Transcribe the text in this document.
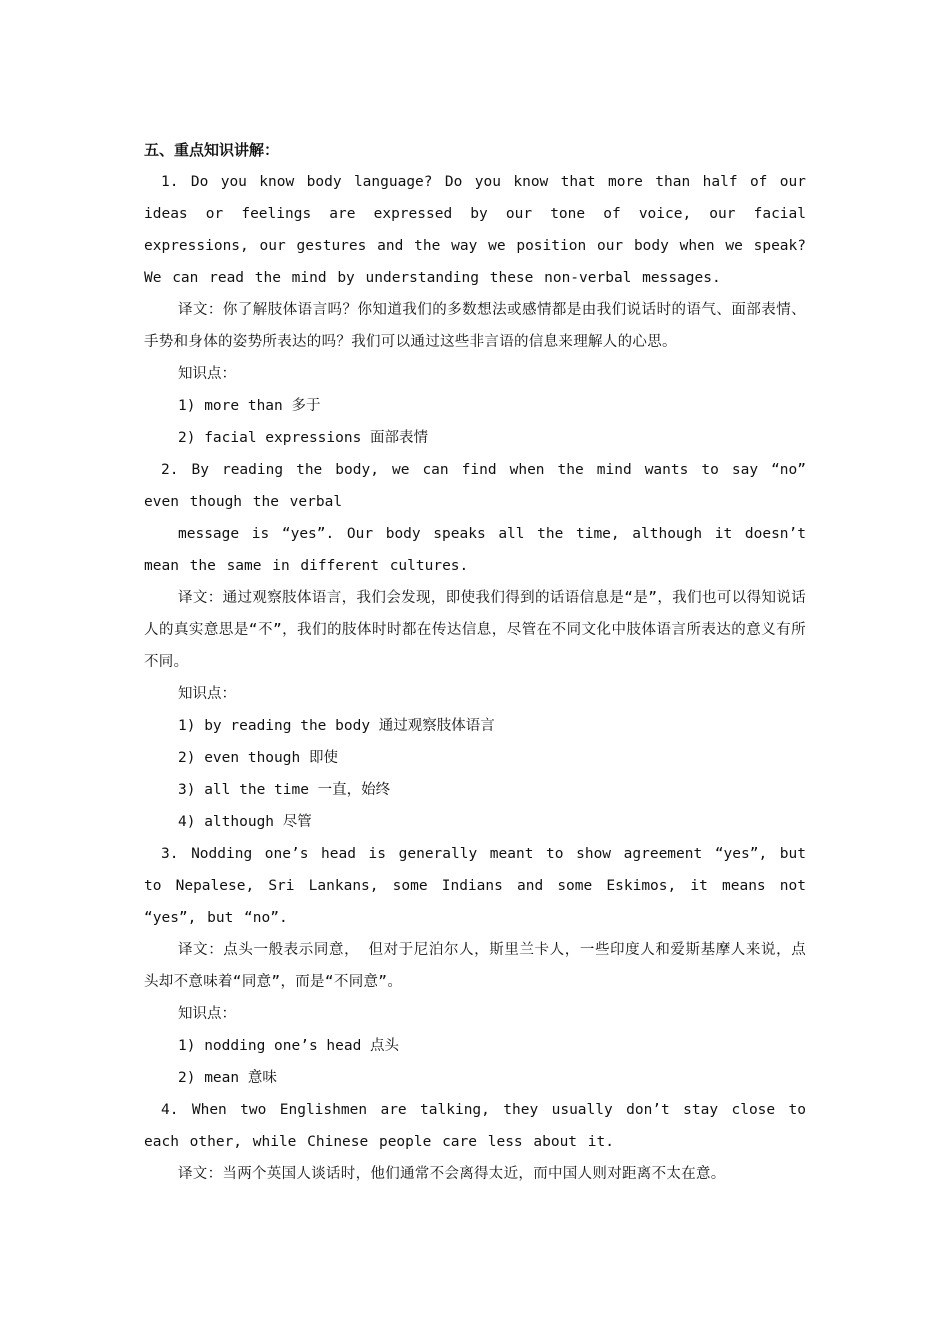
五、重点知识讲解：

1. Do you know body language? Do you know that more than half of our ideas or feelings are expressed by our tone of voice, our facial expressions, our gestures and the way we position our body when we speak? We can read the mind by understanding these non-verbal messages.

译文：你了解肢体语言吗？你知道我们的多数想法或感情都是由我们说话时的语气、面部表情、手势和身体的姿势所表达的吗？我们可以通过这些非言语的信息来理解人的心思。

知识点：

1) more than 多于

2) facial expressions 面部表情

2. By reading the body, we can find when the mind wants to say “no” even though the verbal

message is “yes”. Our body speaks all the time, although it doesn’t mean the same in different cultures.

译文：通过观察肢体语言，我们会发现，即使我们得到的话语信息是“是”，我们也可以得知说话人的真实意思是“不”，我们的肢体时时都在传达信息，尽管在不同文化中肢体语言所表达的意义有所不同。

知识点：

1) by reading the body 通过观察肢体语言

2) even though 即使

3) all the time 一直，始终

4) although 尽管

3. Nodding one’s head is generally meant to show agreement “yes”, but to Nepalese, Sri Lankans, some Indians and some Eskimos, it means not “yes”, but “no”.

译文：点头一般表示同意， 但对于尼泊尔人，斯里兰卡人，一些印度人和爱斯基摩人来说，点头却不意味着“同意”，而是“不同意”。

知识点：

1) nodding one’s head 点头

2) mean 意味

4. When two Englishmen are talking, they usually don’t stay close to each other, while Chinese people care less about it.

译文：当两个英国人谈话时，他们通常不会离得太近，而中国人则对距离不太在意。
